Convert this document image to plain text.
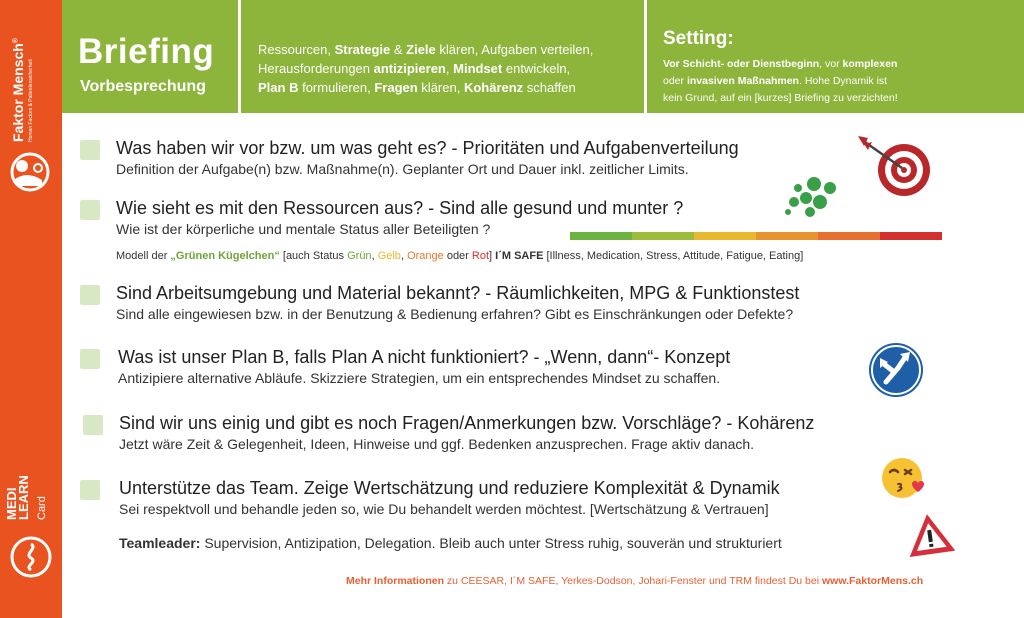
Faktor Mensch®
Human Factors & Patientensicherheit
MEDI
LEARN Card
Briefing
Vorbesprechung
Ressourcen, Strategie & Ziele klären, Aufgaben verteilen,
Herausforderungen antizipieren, Mindset entwickeln,
Plan B formulieren, Fragen klären, Kohärenz schaffen
Setting:
Vor Schicht- oder Dienstbeginn, vor komplexen
oder invasiven Maßnahmen. Hohe Dynamik ist
kein Grund, auf ein [kurzes] Briefing zu verzichten!
Was haben wir vor bzw. um was geht es? - Prioritäten und Aufgabenverteilung
Definition der Aufgabe(n) bzw. Maßnahme(n). Geplanter Ort und Dauer inkl. zeitlicher Limits.
Wie sieht es mit den Ressourcen aus? - Sind alle gesund und munter ?
Wie ist der körperliche und mentale Status aller Beteiligten ?
Modell der „Grünen Kügelchen“ [auch Status Grün, Gelb, Orange oder Rot] I´M SAFE [Illness, Medication, Stress, Attitude, Fatigue, Eating]
Sind Arbeitsumgebung und Material bekannt? - Räumlichkeiten, MPG & Funktionstest
Sind alle eingewiesen bzw. in der Benutzung & Bedienung erfahren? Gibt es Einschränkungen oder Defekte?
Was ist unser Plan B, falls Plan A nicht funktioniert? - „Wenn, dann“- Konzept
Antizipiere alternative Abläufe. Skizziere Strategien, um ein entsprechendes Mindset zu schaffen.
Sind wir uns einig und gibt es noch Fragen/Anmerkungen bzw. Vorschläge? - Kohärenz
Jetzt wäre Zeit & Gelegenheit, Ideen, Hinweise und ggf. Bedenken anzusprechen. Frage aktiv danach.
Unterstütze das Team. Zeige Wertschätzung und reduziere Komplexität & Dynamik
Sei respektvoll und behandle jeden so, wie Du behandelt werden möchtest. [Wertschätzung & Vertrauen]
Teamleader: Supervision, Antizipation, Delegation. Bleib auch unter Stress ruhig, souverän und strukturiert
Mehr Informationen zu CEESAR, I´M SAFE, Yerkes-Dodson, Johari-Fenster und TRM findest Du bei www.FaktorMens.ch
